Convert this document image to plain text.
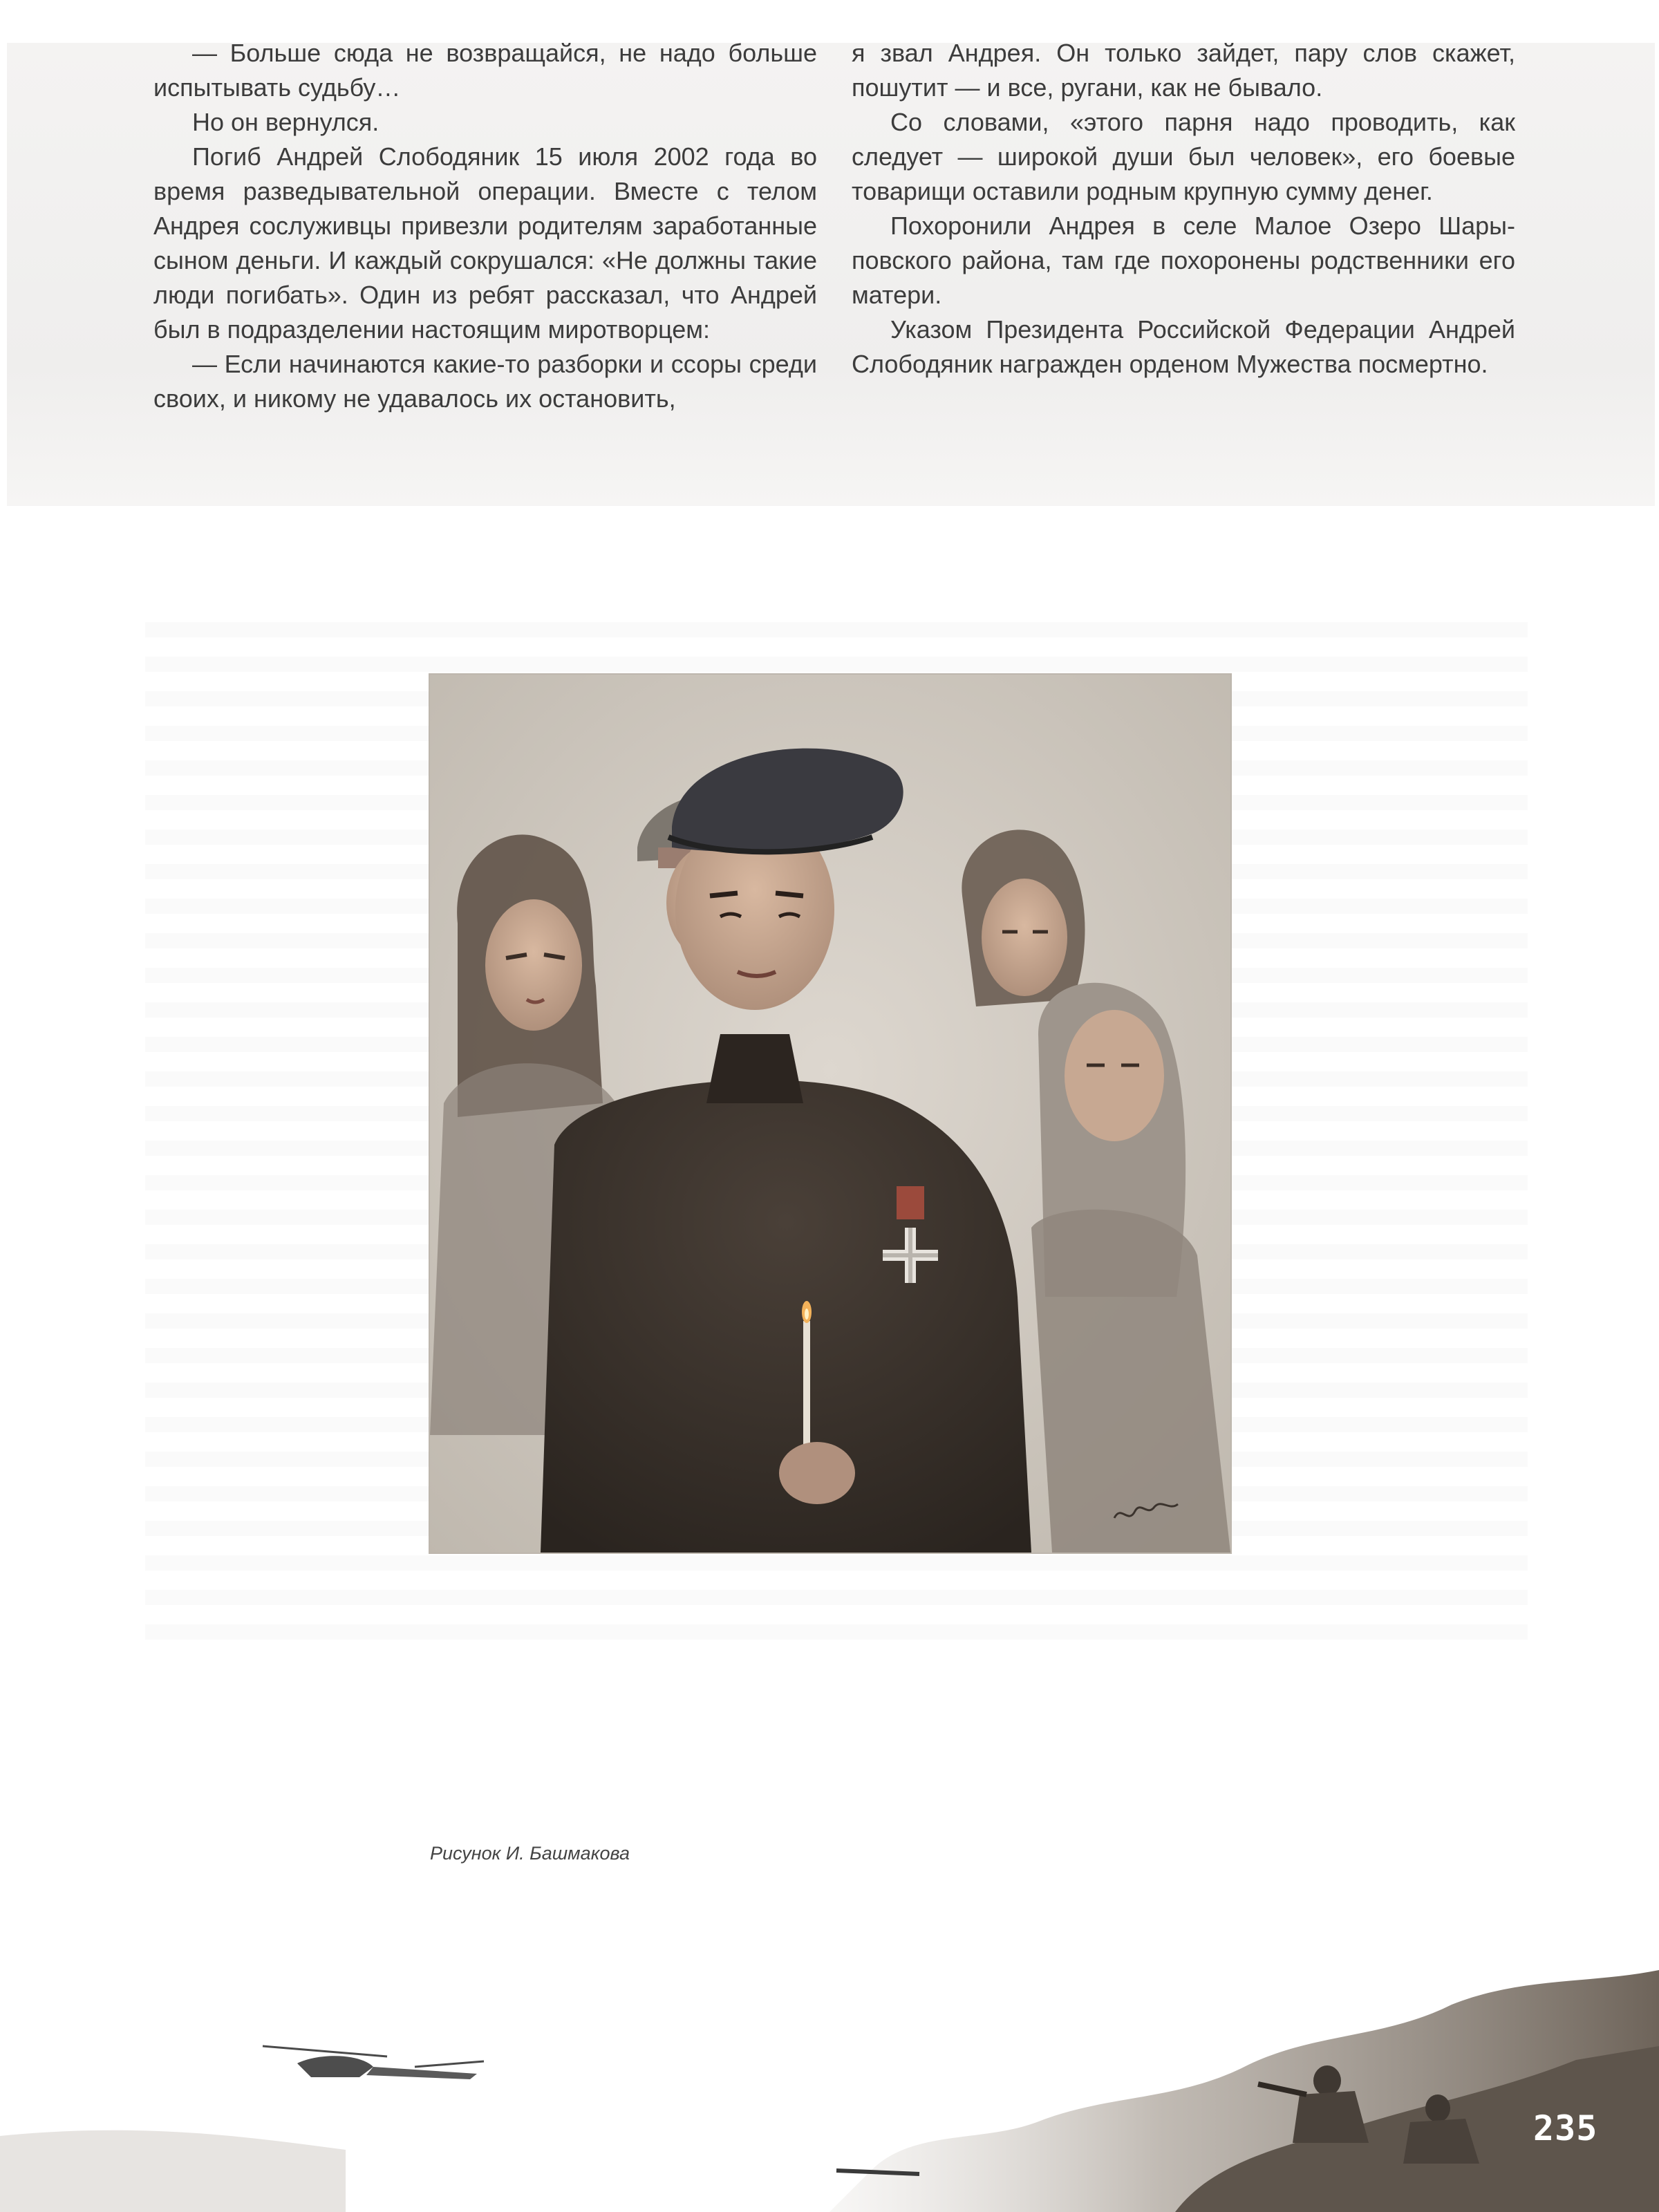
— Больше сюда не возвращайся, не надо больше испытывать судьбу…

Но он вернулся.

Погиб Андрей Слободяник 15 июля 2002 года во время разведывательной операции. Вместе с телом Андрея сослуживцы привезли родителям заработанные сыном деньги. И каждый сокрушался: «Не должны такие люди погибать». Один из ребят рассказал, что Андрей был в подразделении настоящим миротворцем:

— Если начинаются какие-то разборки и ссоры среди своих, и никому не удавалось их остановить,

я звал Андрея. Он только зайдет, пару слов скажет, пошутит — и все, ругани, как не бывало.

Со словами, «этого парня надо проводить, как следует — широкой души был человек», его боевые товарищи оставили родным крупную сумму денег.

Похоронили Андрея в селе Малое Озеро Шарыповского района, там где похоронены родственники его матери.

Указом Президента Российской Федерации Андрей Слободяник награжден орденом Мужества посмертно.

Рисунок И. Башмакова
235
